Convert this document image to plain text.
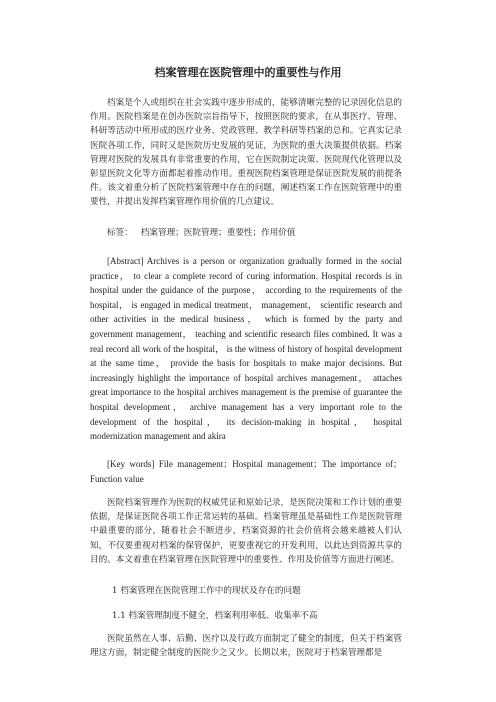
档案管理在医院管理中的重要性与作用
档案是个人或组织在社会实践中逐步形成的，能够清晰完整的记录固化信息的作用。医院档案是在创办医院宗旨指导下，按照医院的要求，在从事医疗、管理、科研等活动中所形成的医疗业务、党政管理、教学科研等档案的总和。它真实记录医院各项工作，同时又是医院历史发展的见证，为医院的重大决策提供依据。档案管理对医院的发展具有非常重要的作用，它在医院制定决策、医院现代化管理以及彰显医院文化等方面都起着推动作用。重视医院档案管理是保证医院发展的前提条件。该文着重分析了医院档案管理中存在的问题，阐述档案工作在医院管理中的重要性，并提出发挥档案管理作用价值的几点建议。
标签： 档案管理；医院管理；重要性；作用价值
[Abstract] Archives is a person or organization gradually formed in the social practice， to clear a complete record of curing information. Hospital records is in hospital under the guidance of the purpose， according to the requirements of the hospital， is engaged in medical treatment， management， scientific research and other activities in the medical business， which is formed by the party and government management， teaching and scientific research files combined. It was a real record all work of the hospital， is the witness of history of hospital development at the same time， provide the basis for hospitals to make major decisions. But increasingly highlight the importance of hospital archives management， attaches great importance to the hospital archives management is the premise of guarantee the hospital development， archive management has a very important role to the development of the hospital， its decision-making in hospital， hospital modernization management and akira
[Key words] File management；Hospital management；The importance of；Function value
医院档案管理作为医院的权威凭证和原始记录，是医院决策和工作计划的重要依据，是保证医院各项工作正常运转的基础。档案管理虽是基础性工作是医院管理中最重要的部分，随着社会不断进步，档案资源的社会价值将会越来越被人们认知，不仅要重视对档案的保管保护，更要重视它的开发利用，以此达到资源共享的目的。本文着重在档案管理在医院管理中的重要性、作用及价值等方面进行阐述。
1 档案管理在医院管理工作中的现状及存在的问题
1.1 档案管理制度不健全，档案利用率低、收集率不高
医院虽然在人事、后勤、医疗以及行政方面制定了健全的制度，但关于档案管理这方面，制定健全制度的医院少之又少。长期以来，医院对于档案管理都是
